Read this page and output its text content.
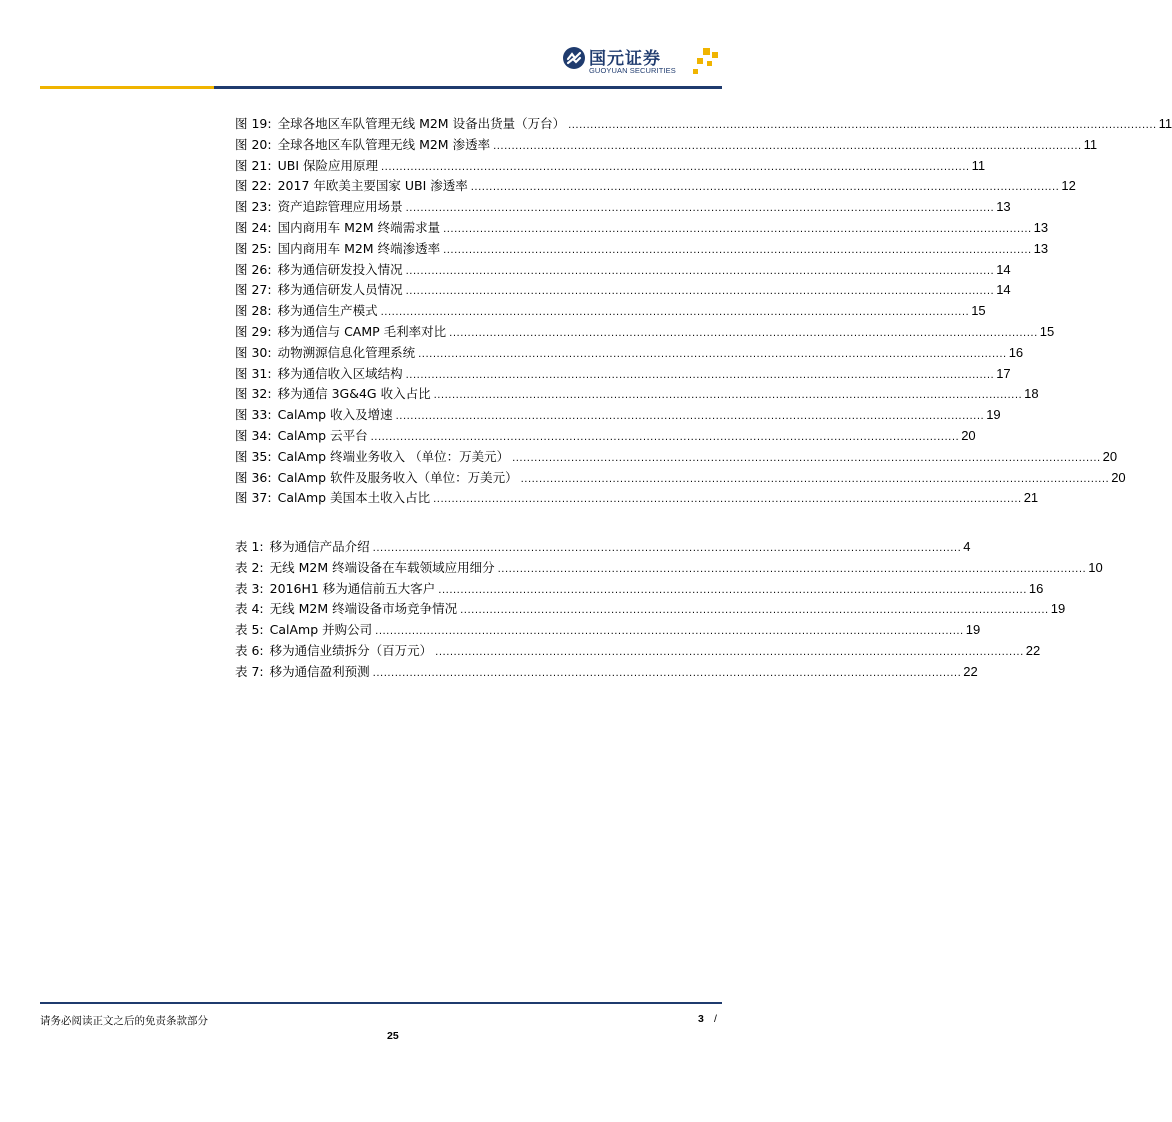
国元证券
GUOYUAN SECURITIES
图 19: 全球各地区车队管理无线 M2M 设备出货量（万台） ................................................................................................................................................................ 11
图 20: 全球各地区车队管理无线 M2M 渗透率 ................................................................................................................................................................ 11
图 21: UBI 保险应用原理 ................................................................................................................................................................ 11
图 22: 2017 年欧美主要国家 UBI 渗透率 ................................................................................................................................................................ 12
图 23: 资产追踪管理应用场景 ................................................................................................................................................................ 13
图 24: 国内商用车 M2M 终端需求量 ................................................................................................................................................................ 13
图 25: 国内商用车 M2M 终端渗透率 ................................................................................................................................................................ 13
图 26: 移为通信研发投入情况 ................................................................................................................................................................ 14
图 27: 移为通信研发人员情况 ................................................................................................................................................................ 14
图 28: 移为通信生产模式 ................................................................................................................................................................ 15
图 29: 移为通信与 CAMP 毛利率对比 ................................................................................................................................................................ 15
图 30: 动物溯源信息化管理系统 ................................................................................................................................................................ 16
图 31: 移为通信收入区域结构 ................................................................................................................................................................ 17
图 32: 移为通信 3G&4G 收入占比 ................................................................................................................................................................ 18
图 33: CalAmp 收入及增速 ................................................................................................................................................................ 19
图 34: CalAmp 云平台 ................................................................................................................................................................ 20
图 35: CalAmp 终端业务收入 （单位：万美元） ................................................................................................................................................................ 20
图 36: CalAmp 软件及服务收入（单位：万美元） ................................................................................................................................................................ 20
图 37: CalAmp 美国本土收入占比 ................................................................................................................................................................ 21
表 1: 移为通信产品介绍 ................................................................................................................................................................ 4
表 2: 无线 M2M 终端设备在车载领域应用细分 ................................................................................................................................................................ 10
表 3: 2016H1 移为通信前五大客户 ................................................................................................................................................................ 16
表 4: 无线 M2M 终端设备市场竞争情况 ................................................................................................................................................................ 19
表 5: CalAmp 并购公司 ................................................................................................................................................................ 19
表 6: 移为通信业绩拆分（百万元） ................................................................................................................................................................ 22
表 7: 移为通信盈利预测 ................................................................................................................................................................ 22
请务必阅读正文之后的免责条款部分	3 /
25
